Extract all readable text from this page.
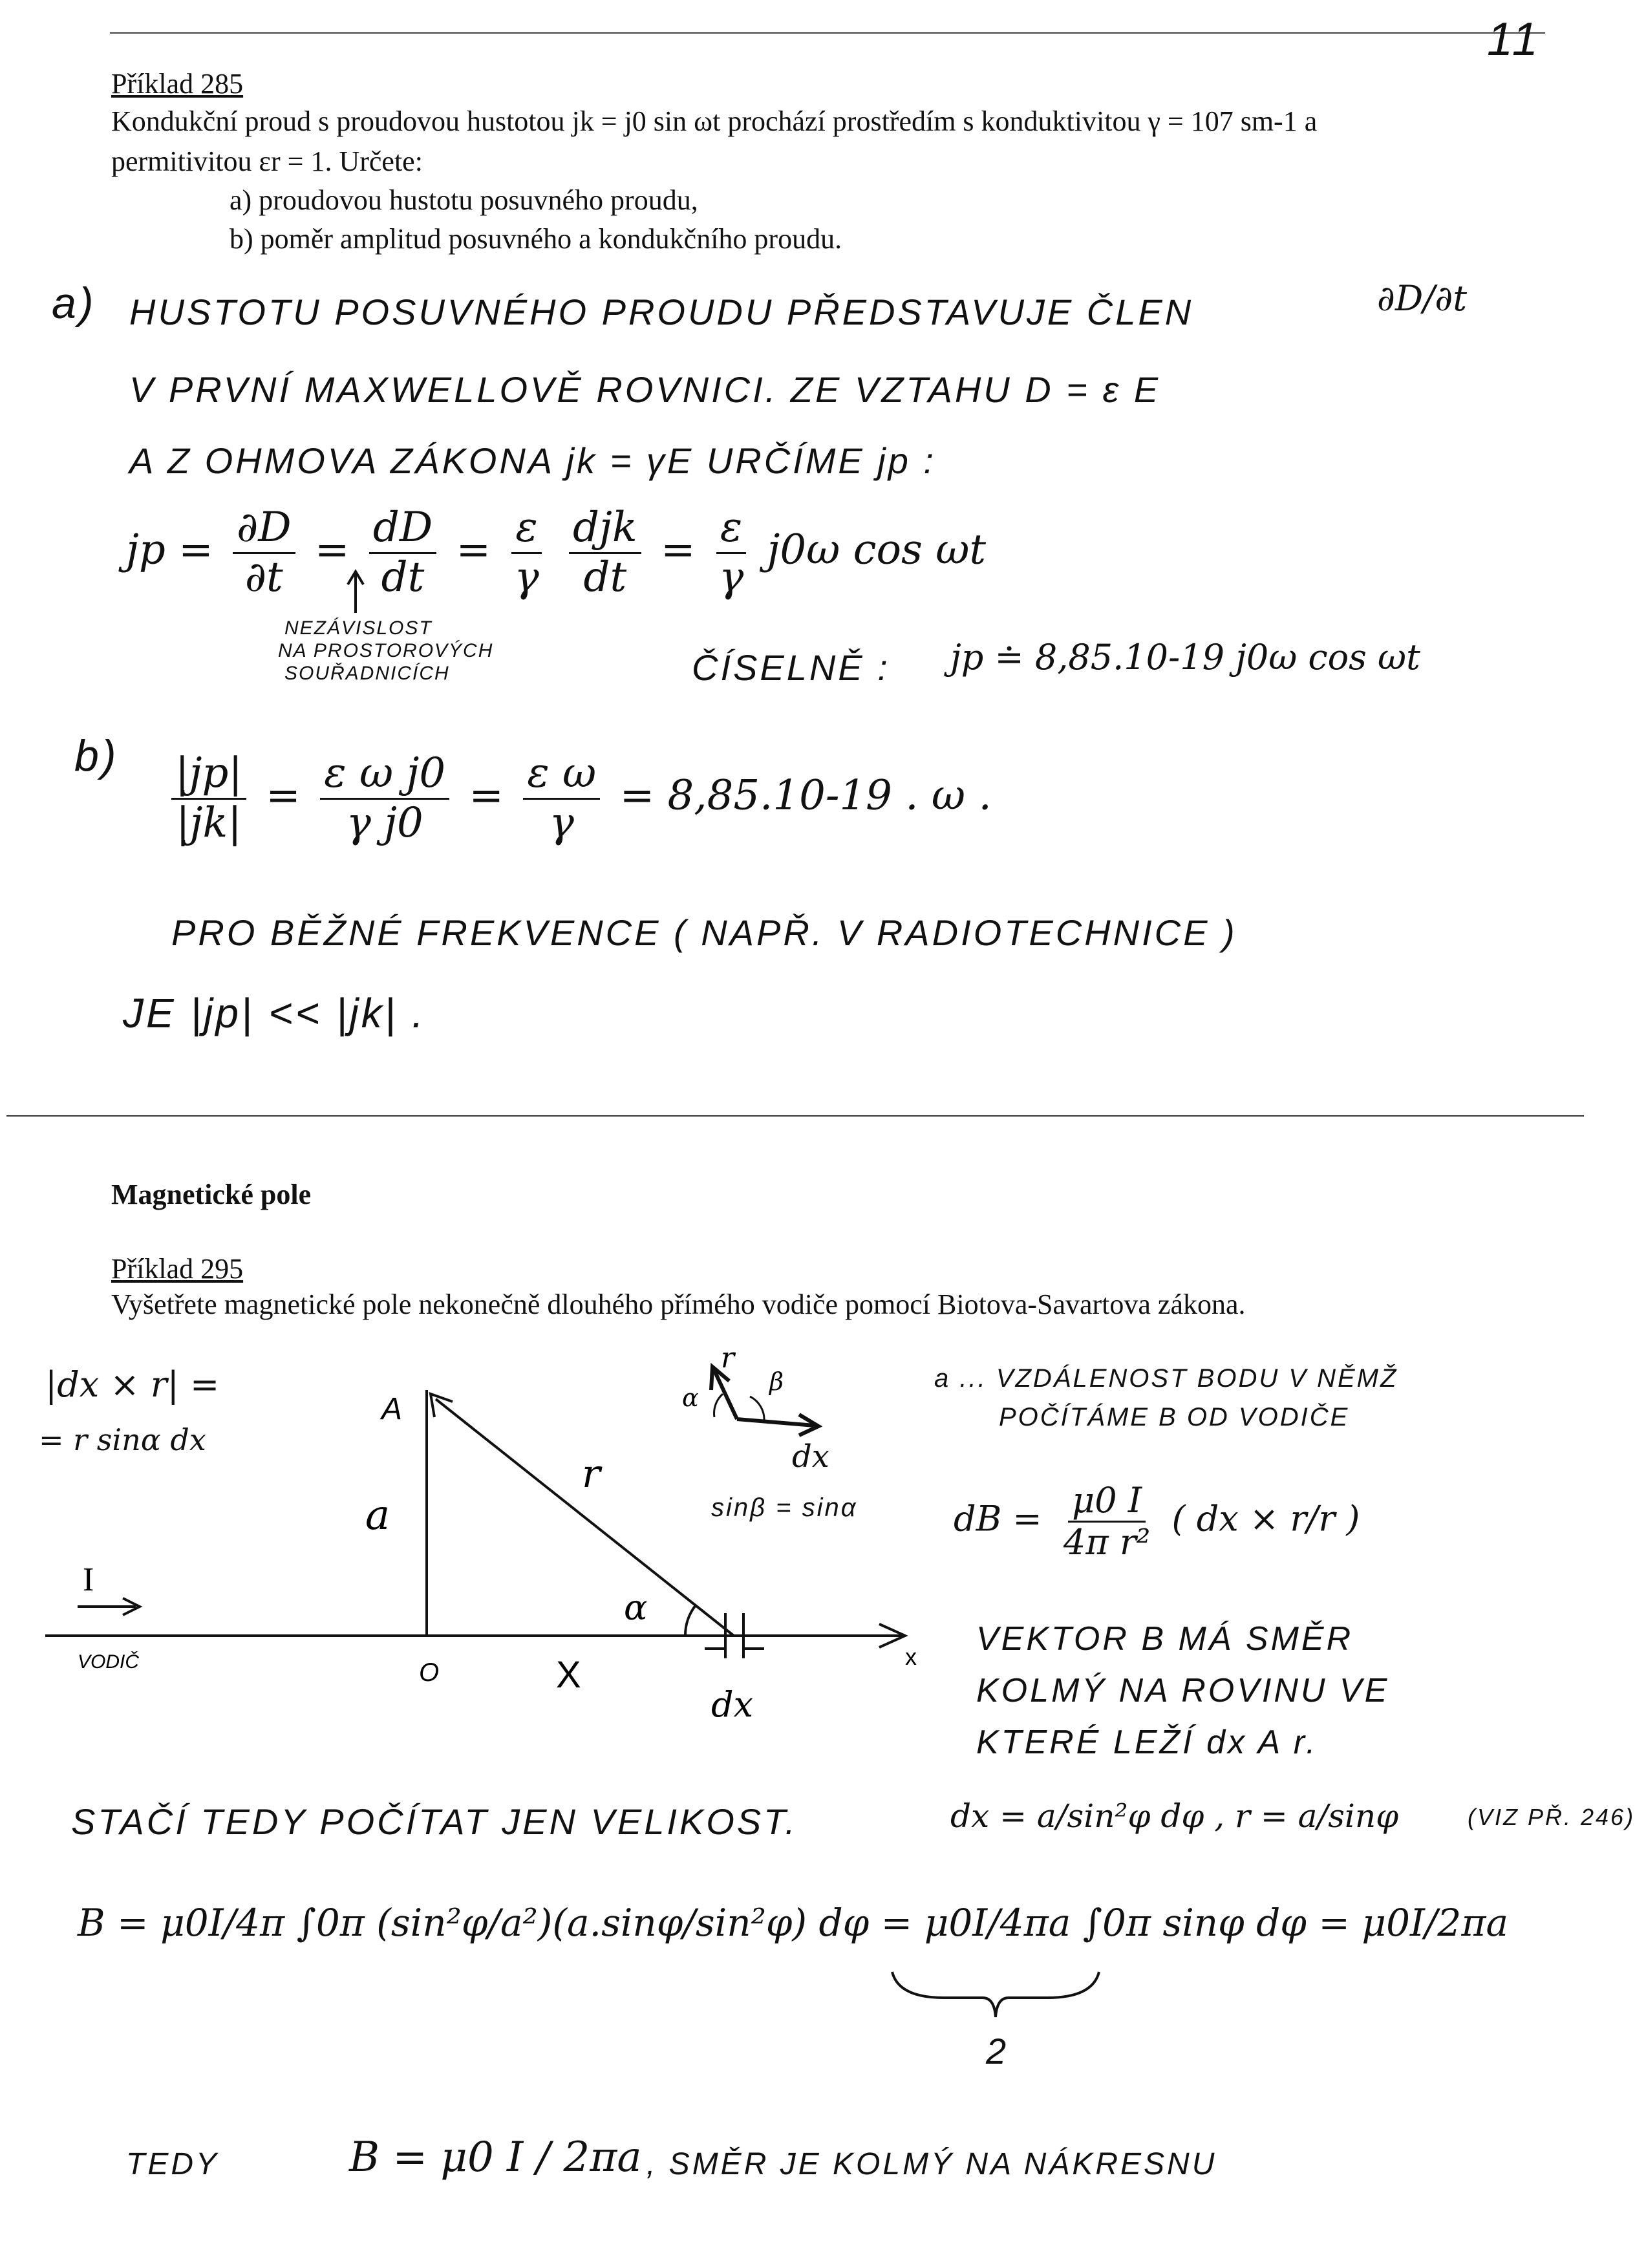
11
Příklad 285
Kondukční proud s proudovou hustotou jk = j0 sin ωt prochází prostředím s konduktivitou γ = 107 sm-1 a
permitivitou εr = 1. Určete:
a) proudovou hustotu posuvného proudu,
b) poměr amplitud posuvného a kondukčního proudu.
a) HUSTOTU POSUVNÉHO PROUDU PŘEDSTAVUJE ČLEN	∂D/∂t
V PRVNÍ MAXWELLOVĚ ROVNICI. ZE VZTAHU D = ε E
A Z OHMOVA ZÁKONA jk = γE URČÍME jp :
jp = $\frac{\partial D}{\partial t} = \frac{dD}{dt} = \frac{\varepsilon}{\gamma}$
$\frac{\text{djk}}{dt} = \frac{\varepsilon}{\gamma} j0\omega$ cos ωt
NEZÁVISLOST
NA PROSTOROVÝCH
SOUŘADNICÍCH	ČÍSELNĚ : jp ≐ 8,85.10-19 j0ω cos ωt
$b) \frac{|jp|}{|jk|} = \frac{\text{ε ω j0}}{\text{γ j0}} = \frac{\text{ε ω}}{\gamma} = 8,85.10-19$ . ω .
PRO BĚŽNÉ FREKVENCE ( NAPŘ. V RADIOTECHNICE )
JE |jp| << |jk| .
Magnetické pole
Příklad 295
Vyšetřete magnetické pole nekonečně dlouhého přímého vodiče pomocí Biotova-Savartova zákona.
|dx × r| =
= r sinα dx
A
a
r
α
I
VODIČ	O	X	x
dx
r
α
β
dx
sinβ = sinα
a ... VZDÁLENOST BODU V NĚMŽ
POČÍTÁME B OD VODIČE
dB = $\frac{\mu 0 I}{\text{4π r²}}$ ( dx × r/r )
VEKTOR B MÁ SMĚR
KOLMÝ NA ROVINU VE
KTERÉ LEŽÍ dx A r.
STAČÍ TEDY POČÍTAT JEN VELIKOST.	dx = a/sin²φ dφ , r = a/sinφ	(VIZ PŘ. 246)
B = μ0I/4π ∫0π (sin²φ/a²)(a.sinφ/sin²φ) dφ = μ0I/4πa ∫0π sinφ dφ = μ0I/2πa
2
TEDY	B = μ0 I / 2πa , SMĚR JE KOLMÝ NA NÁKRESNU
